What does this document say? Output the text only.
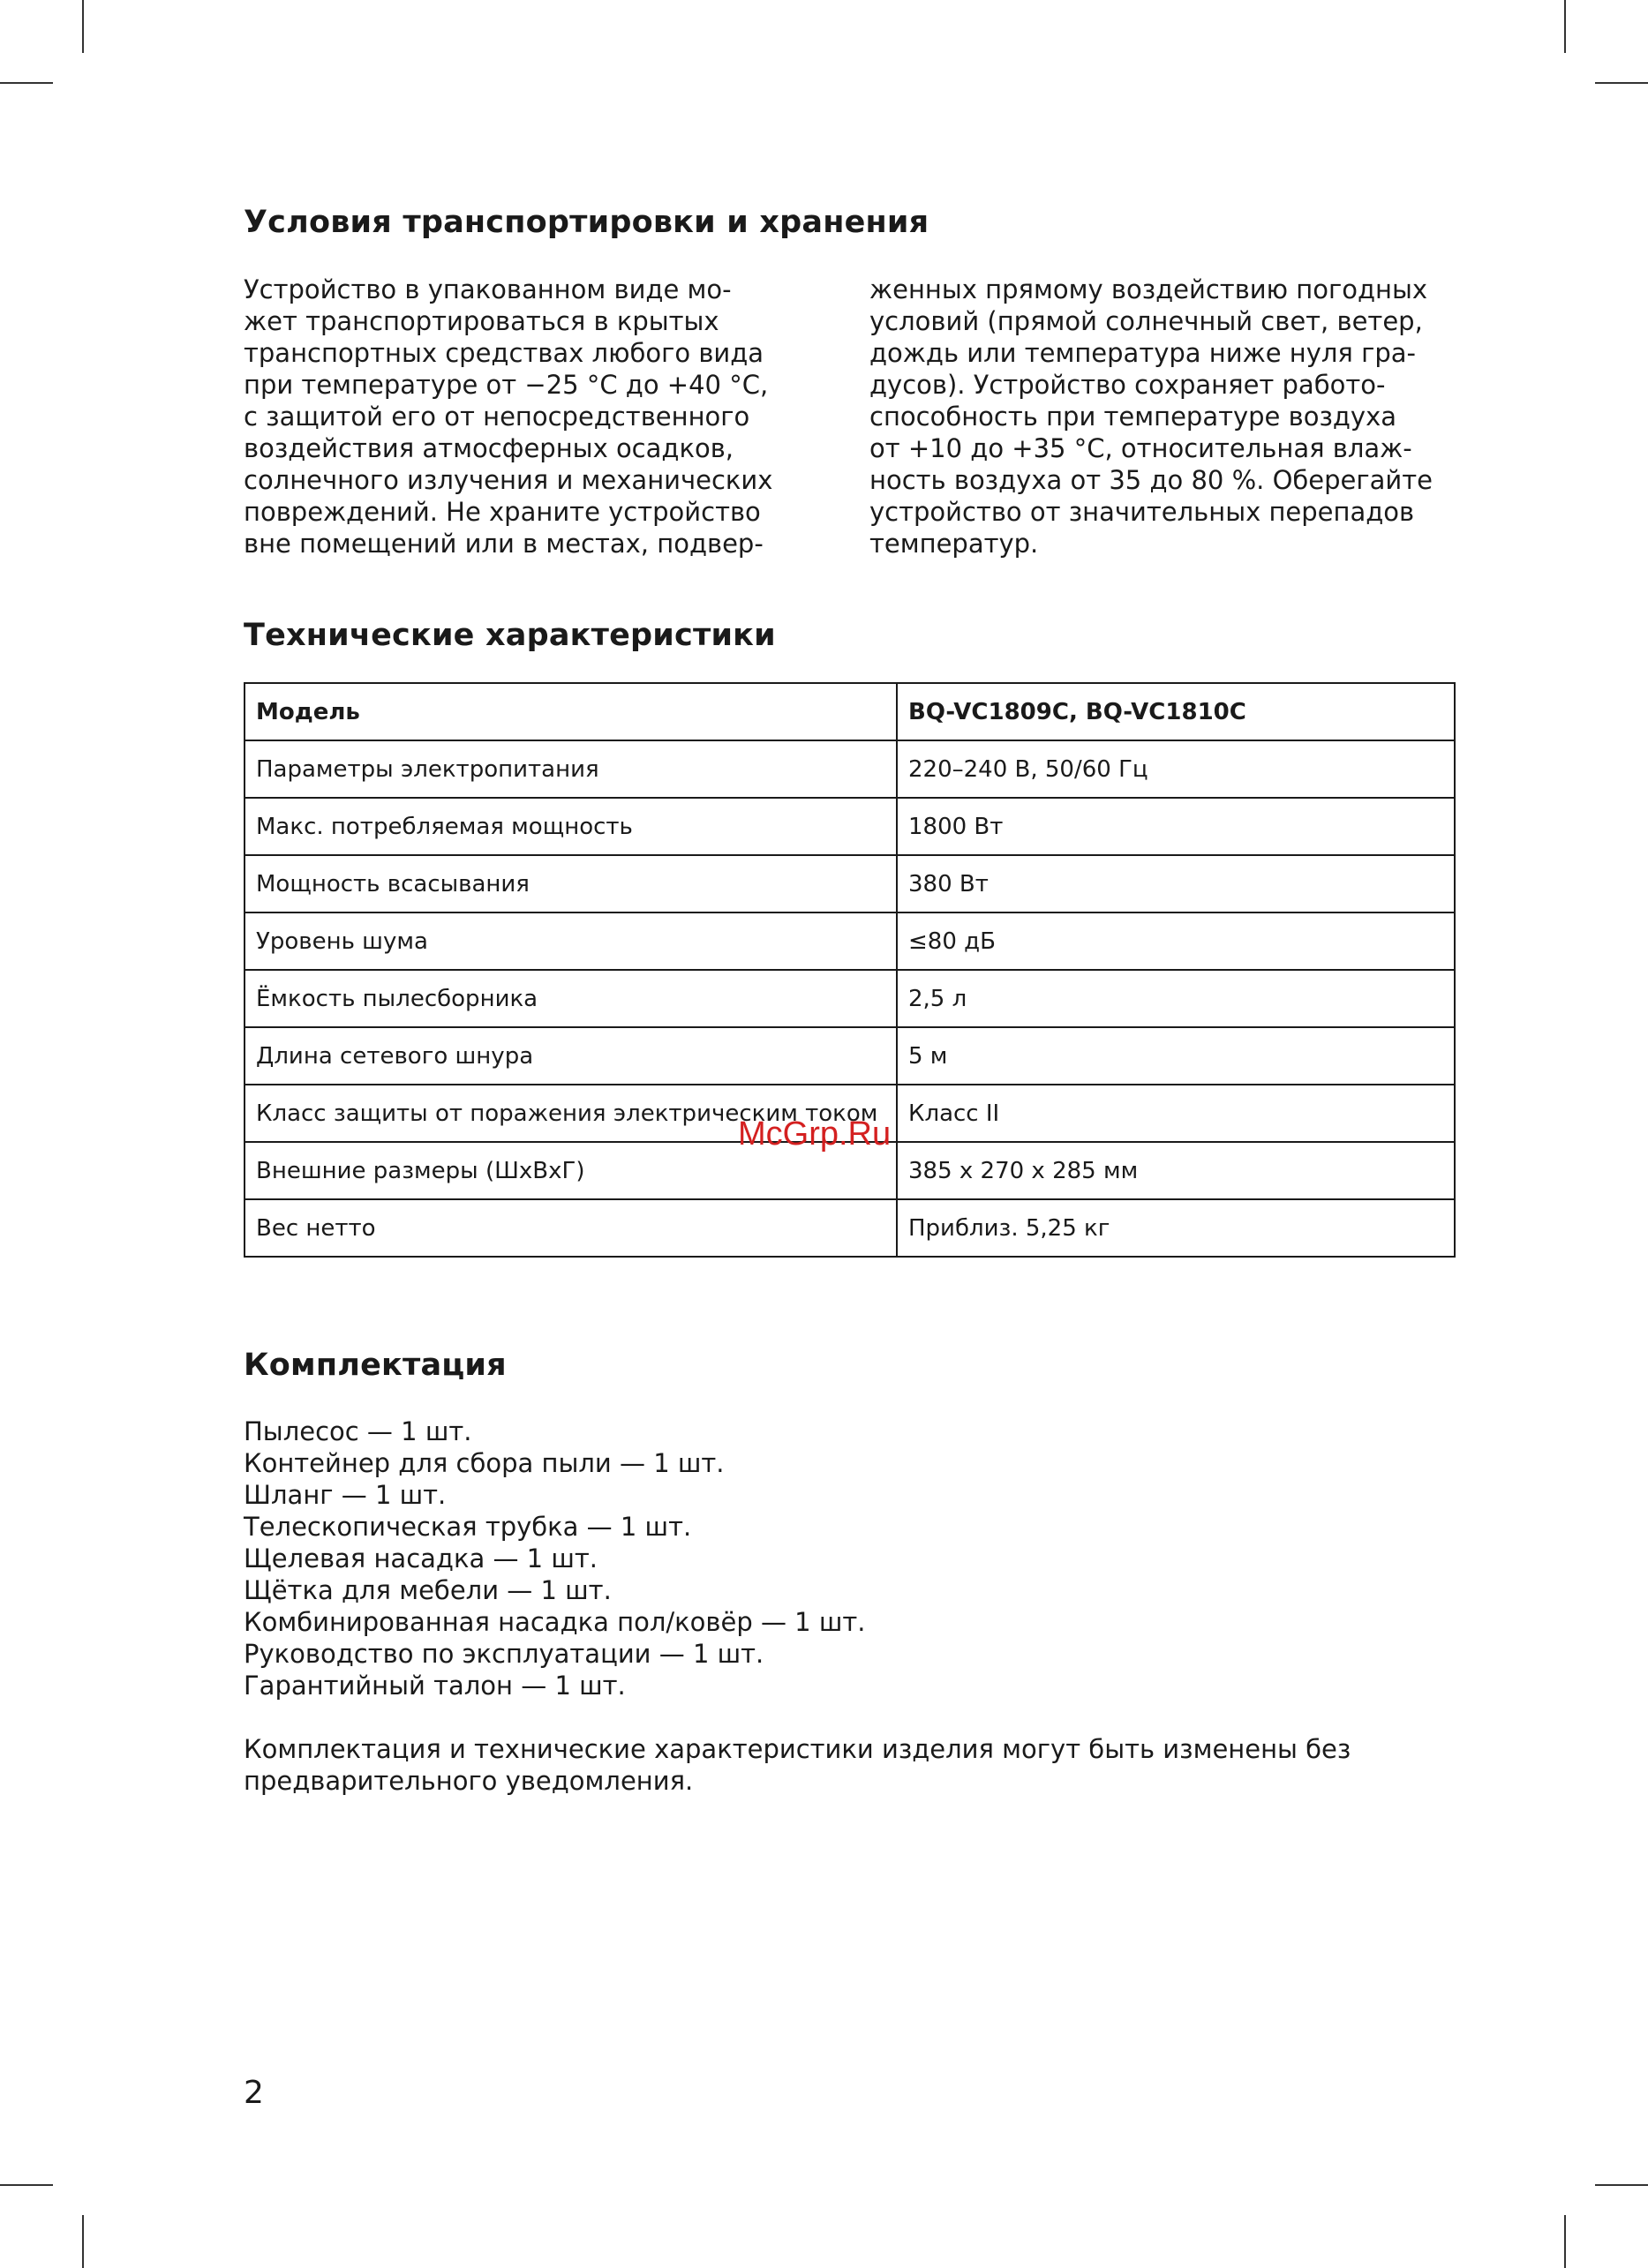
Условия транспортировки и хранения

Устройство в упакованном виде мо-
жет транспортироваться в крытых
транспортных средствах любого вида
при температуре от −25 °C до +40 °C,
с защитой его от непосредственного
воздействия атмосферных осадков,
солнечного излучения и механических
повреждений. Не храните устройство
вне помещений или в местах, подвер-

женных прямому воздействию погодных
условий (прямой солнечный свет, ветер,
дождь или температура ниже нуля гра-
дусов). Устройство сохраняет работо-
способность при температуре воздуха
от +10 до +35 °C, относительная влаж-
ность воздуха от 35 до 80 %. Оберегайте
устройство от значительных перепадов
температур.

Технические характеристики
Модель	BQ-VC1809C, BQ-VC1810C
Параметры электропитания	220–240 В, 50/60 Гц
Макс. потребляемая мощность	1800 Вт
Мощность всасывания	380 Вт
Уровень шума	≤80 дБ
Ёмкость пылесборника	2,5 л
Длина сетевого шнура	5 м
Класс защиты от поражения электрическим током	Класс II
Внешние размеры (ШxВxГ)	385 x 270 x 285 мм
Вес нетто	Приблиз. 5,25 кг
McGrp.Ru
Комплектация
Пылесос — 1 шт.
Контейнер для сбора пыли — 1 шт.
Шланг — 1 шт.
Телескопическая трубка — 1 шт.
Щелевая насадка — 1 шт.
Щётка для мебели — 1 шт.
Комбинированная насадка пол/ковёр — 1 шт.
Руководство по эксплуатации — 1 шт.
Гарантийный талон — 1 шт.

Комплектация и технические характеристики изделия могут быть изменены без
предварительного уведомления.

2
